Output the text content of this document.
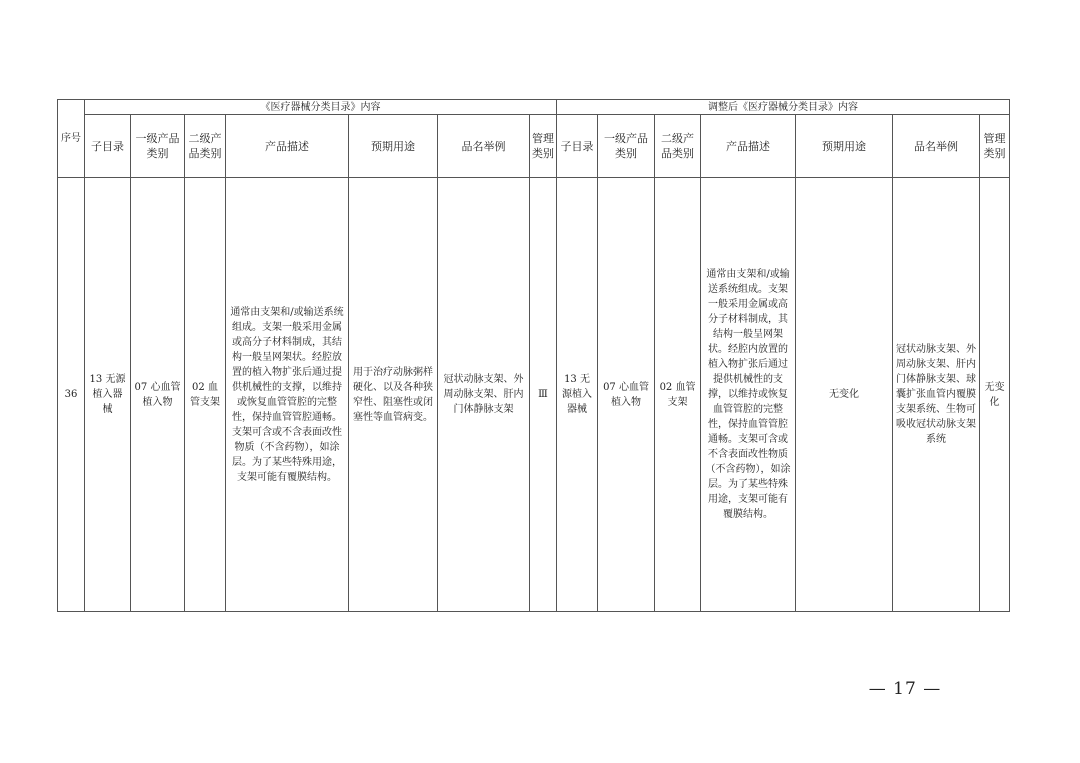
序号	《医疗器械分类目录》内容							调整后《医疗器械分类目录》内容						
	子目录	一级产品类别	二级产品类别	产品描述	预期用途	品名举例	管理类别	子目录	一级产品类别	二级产品类别	产品描述	预期用途	品名举例	管理类别
36	13 无源植入器械	07 心血管植入物	02 血管支架	通常由支架和/或输送系统组成。支架一般采用金属或高分子材料制成，其结构一般呈网架状。经腔放置的植入物扩张后通过提供机械性的支撑，以维持或恢复血管管腔的完整性，保持血管管腔通畅。支架可含或不含表面改性物质（不含药物），如涂层。为了某些特殊用途，支架可能有覆膜结构。	用于治疗动脉粥样硬化、以及各种狭窄性、阻塞性或闭塞性等血管病变。	冠状动脉支架、外周动脉支架、肝内门体静脉支架	Ⅲ	13 无源植入器械	07 心血管植入物	02 血管支架	通常由支架和/或输送系统组成。支架一般采用金属或高分子材料制成，其结构一般呈网架状。经腔内放置的植入物扩张后通过提供机械性的支撑，以维持或恢复血管管腔的完整性，保持血管管腔通畅。支架可含或不含表面改性物质（不含药物），如涂层。为了某些特殊用途，支架可能有覆膜结构。	无变化	冠状动脉支架、外周动脉支架、肝内门体静脉支架、球囊扩张血管内覆膜支架系统、生物可吸收冠状动脉支架系统	无变化
— 17 —
